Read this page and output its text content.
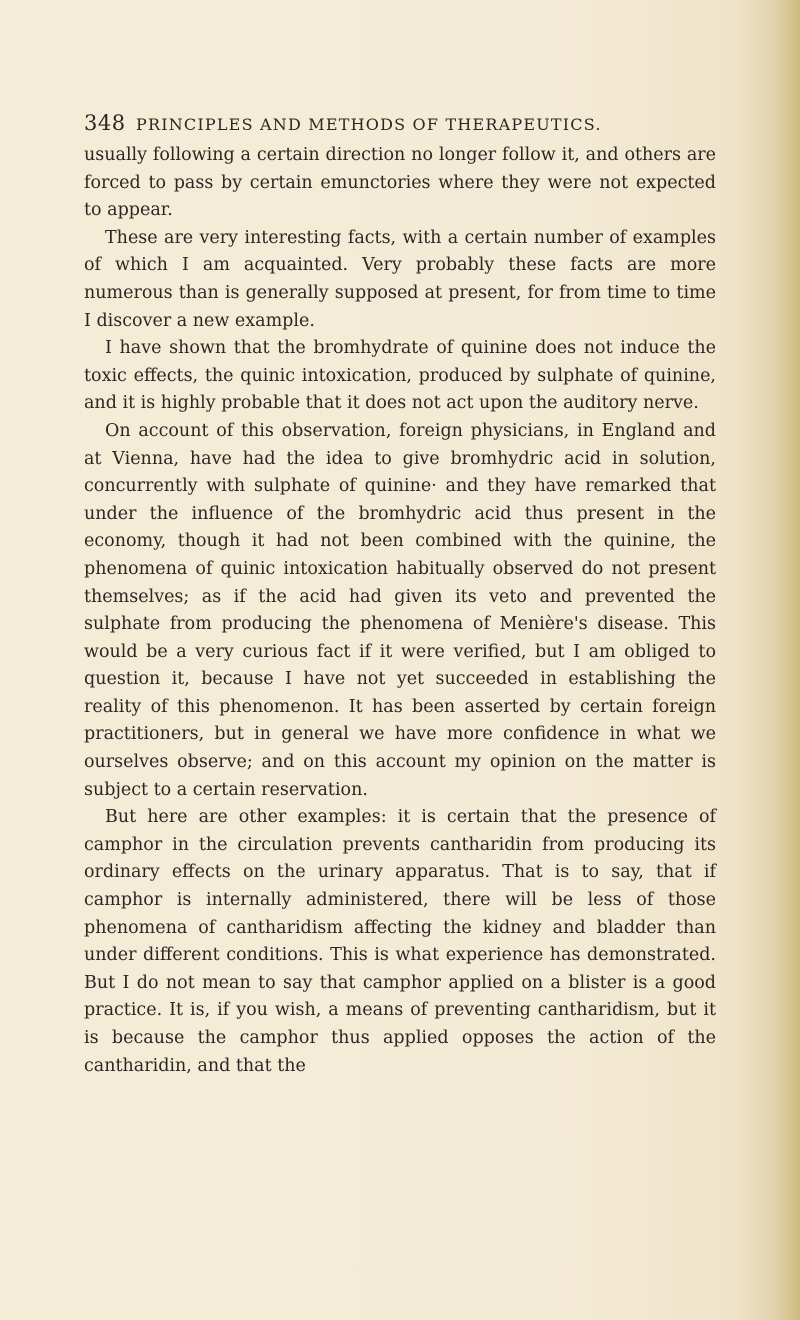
348 PRINCIPLES AND METHODS OF THERAPEUTICS.

usually following a certain direction no longer follow it, and others are forced to pass by certain emunctories where they were not expected to appear.

These are very interesting facts, with a certain number of examples of which I am acquainted. Very probably these facts are more numerous than is generally supposed at present, for from time to time I discover a new example.

I have shown that the bromhydrate of quinine does not induce the toxic effects, the quinic intoxication, produced by sulphate of quinine, and it is highly probable that it does not act upon the auditory nerve.

On account of this observation, foreign physicians, in England and at Vienna, have had the idea to give bromhydric acid in solution, concurrently with sulphate of quinine· and they have remarked that under the influence of the bromhydric acid thus present in the economy, though it had not been combined with the quinine, the phenomena of quinic intoxication habitually observed do not present themselves; as if the acid had given its veto and prevented the sulphate from producing the phenomena of Menière's disease. This would be a very curious fact if it were verified, but I am obliged to question it, because I have not yet succeeded in establishing the reality of this phenomenon. It has been asserted by certain foreign practitioners, but in general we have more confidence in what we ourselves observe; and on this account my opinion on the matter is subject to a certain reservation.

But here are other examples: it is certain that the presence of camphor in the circulation prevents cantharidin from producing its ordinary effects on the urinary apparatus. That is to say, that if camphor is internally administered, there will be less of those phenomena of cantharidism affecting the kidney and bladder than under different conditions. This is what experience has demonstrated. But I do not mean to say that camphor applied on a blister is a good practice. It is, if you wish, a means of preventing cantharidism, but it is because the camphor thus applied opposes the action of the cantharidin, and that the
